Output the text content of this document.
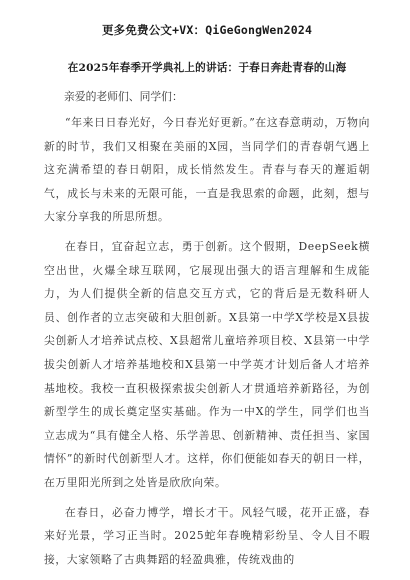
更多免费公文+VX：QiGeGongWen2024
在2025年春季开学典礼上的讲话：于春日奔赴青春的山海
亲爱的老师们、同学们：

“年来日日春光好，今日春光好更新。”在这春意萌动，万物向新的时节，我们又相聚在美丽的X园，当同学们的青春朝气遇上这充满希望的春日朝阳，成长悄然发生。青春与春天的邂逅朝气，成长与未来的无限可能，一直是我思索的命题，此刻，想与大家分享我的所思所想。

在春日，宜奋起立志，勇于创新。这个假期，DeepSeek横空出世，火爆全球互联网，它展现出强大的语言理解和生成能力，为人们提供全新的信息交互方式，它的背后是无数科研人员、创作者的立志突破和大胆创新。X县第一中学X学校是X县拔尖创新人才培养试点校、X县超常儿童培养项目校、X县第一中学拔尖创新人才培养基地校和X县第一中学英才计划后备人才培养基地校。我校一直积极探索拔尖创新人才贯通培养新路径，为创新型学生的成长奠定坚实基础。作为一中X的学生，同学们也当立志成为“具有健全人格、乐学善思、创新精神、责任担当、家国情怀”的新时代创新型人才。这样，你们便能如春天的朝日一样，在万里阳光所到之处皆是欣欣向荣。

在春日，必奋力博学，增长才干。风轻气暖，花开正盛，春来好光景，学习正当时。2025蛇年春晚精彩纷呈、令人目不暇接，大家领略了古典舞蹈的轻盈典雅，传统戏曲的
